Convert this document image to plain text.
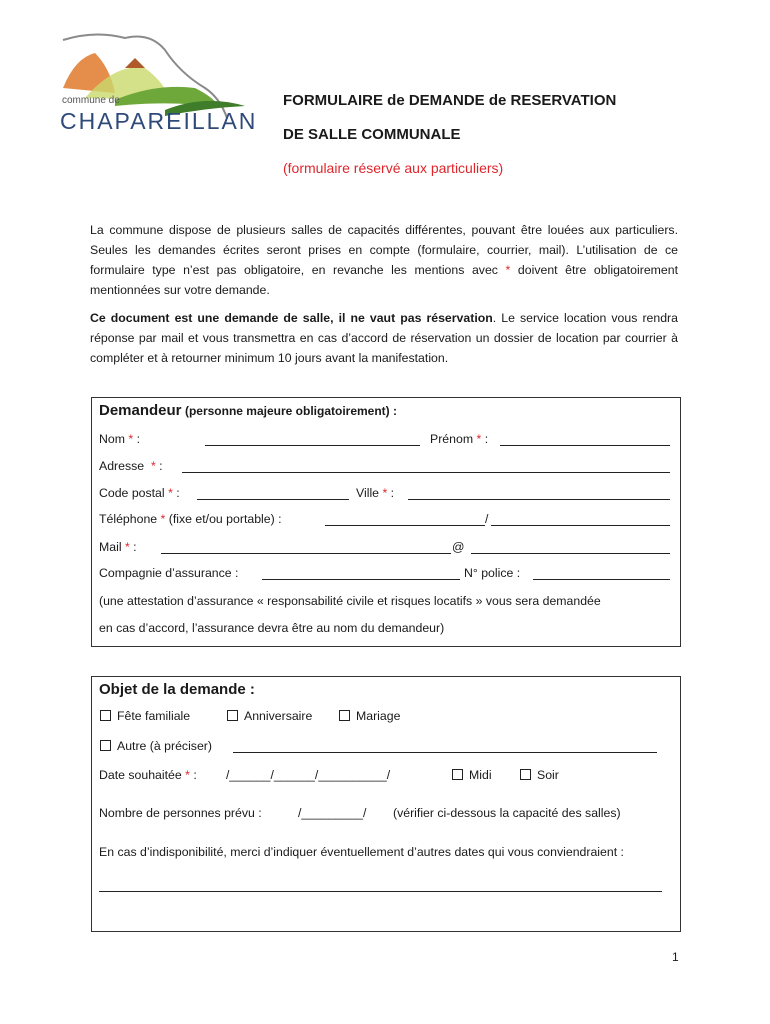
commune de
CHAPAREILLAN
FORMULAIRE de DEMANDE de RESERVATION
DE SALLE COMMUNALE
(formulaire réservé aux particuliers)
La commune dispose de plusieurs salles de capacités différentes, pouvant être louées aux particuliers. Seules les demandes écrites seront prises en compte (formulaire, courrier, mail). L’utilisation de ce formulaire type n’est pas obligatoire, en revanche les mentions avec * doivent être obligatoirement mentionnées sur votre demande.
Ce document est une demande de salle, il ne vaut pas réservation. Le service location vous rendra réponse par mail et vous transmettra en cas d’accord de réservation un dossier de location par courrier à compléter et à retourner minimum 10 jours avant la manifestation.
Demandeur (personne majeure obligatoirement) :
Nom * :	Prénom * :
Adresse * :
Code postal * :	Ville * :
Téléphone * (fixe et/ou portable) :	/
Mail * :	@
Compagnie d’assurance :	N° police :
(une attestation d’assurance « responsabilité civile et risques locatifs » vous sera demandée
en cas d’accord, l’assurance devra être au nom du demandeur)
Objet de la demande :
Fête familiale	Anniversaire	Mariage
Autre (à préciser)
Date souhaitée * : /______/______/__________/	Midi	Soir
Nombre de personnes prévu :	/_________/ (vérifier ci-dessous la capacité des salles)
En cas d’indisponibilité, merci d’indiquer éventuellement d’autres dates qui vous conviendraient :
1
